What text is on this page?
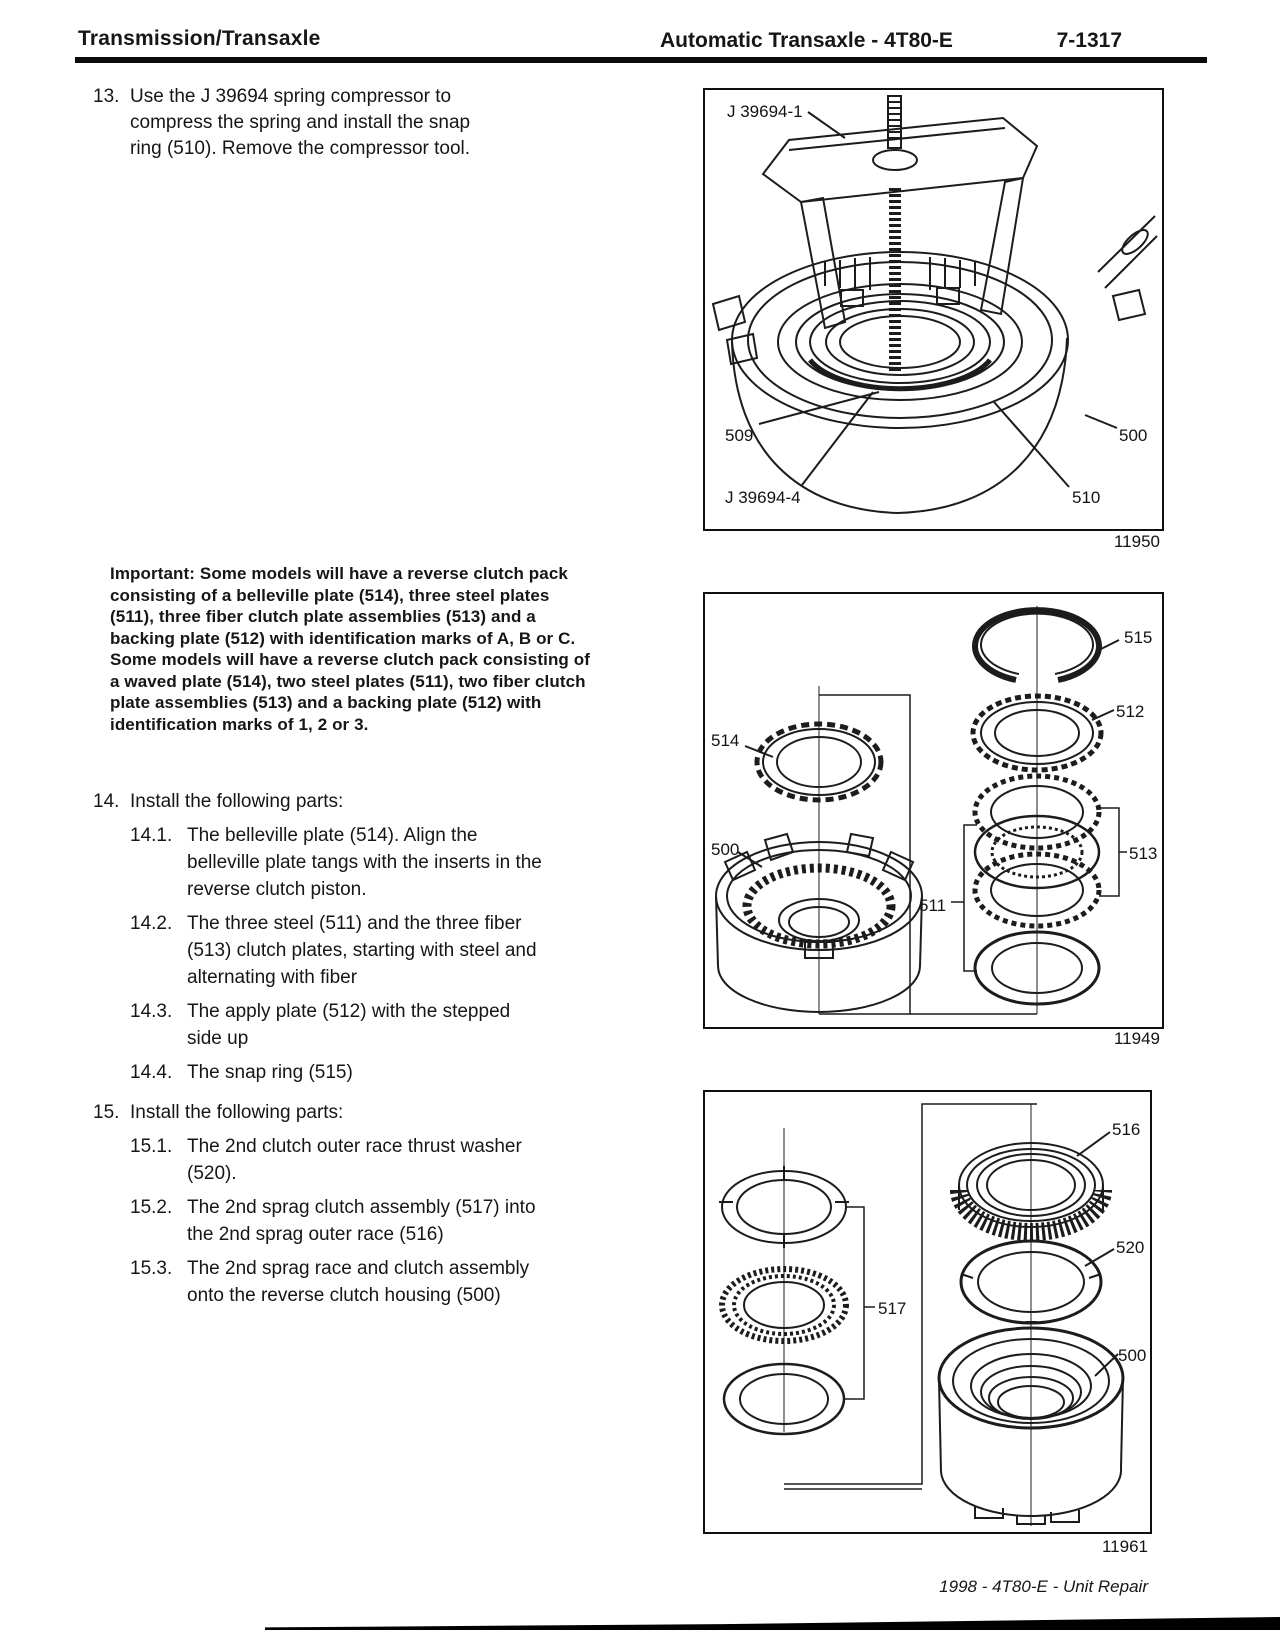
Transmission/Transaxle	Automatic Transaxle - 4T80-E	7-1317
13. Use the J 39694 spring compressor to compress the spring and install the snap ring (510). Remove the compressor tool.

Important: Some models will have a reverse clutch pack consisting of a belleville plate (514), three steel plates (511), three fiber clutch plate assemblies (513) and a backing plate (512) with identification marks of A, B or C.

Some models will have a reverse clutch pack consisting of a waved plate (514), two steel plates (511), two fiber clutch plate assemblies (513) and a backing plate (512) with identification marks of 1, 2 or 3.

14. Install the following parts:
14.1. The belleville plate (514). Align the belleville plate tangs with the inserts in the reverse clutch piston.
14.2. The three steel (511) and the three fiber (513) clutch plates, starting with steel and alternating with fiber
14.3. The apply plate (512) with the stepped side up
14.4. The snap ring (515)
15. Install the following parts:
15.1. The 2nd clutch outer race thrust washer (520).
15.2. The 2nd sprag clutch assembly (517) into the 2nd sprag outer race (516)
15.3. The 2nd sprag race and clutch assembly onto the reverse clutch housing (500)
J 39694-1
509	500
J 39694-4	510
11950
515
512
514
500
511
513
11949
516
520
517
500
11961
1998 - 4T80-E - Unit Repair
